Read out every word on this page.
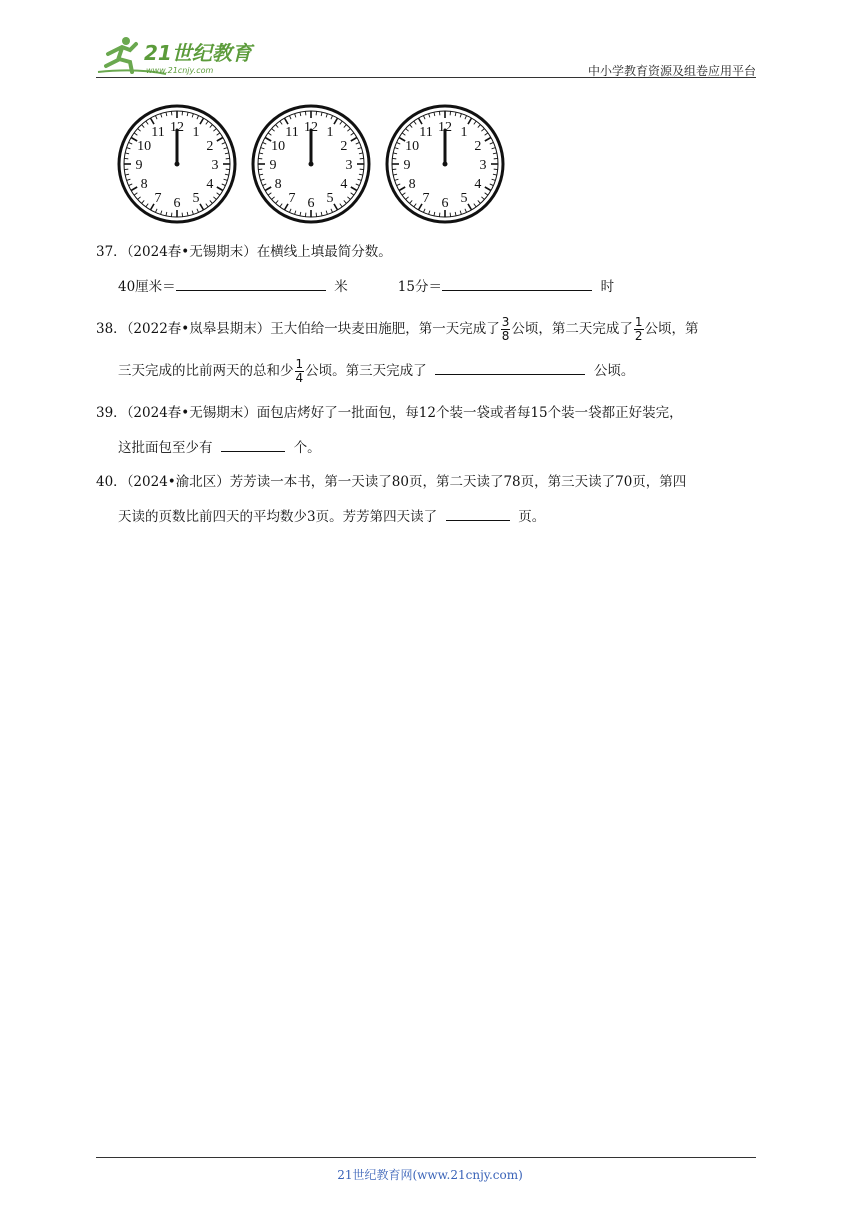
21世纪教育
www.21cnjy.com	中小学教育资源及组卷应用平台
12 1
2
3
4
5
6
7
8
9
10
11	12 1
2
3
4
5
6
7
8
9
10
11	12 1
2
3
4
5
6
7
8
9
10
11
37．（2024春•无锡期末）在横线上填最简分数。
40厘米＝	米	15分＝	时
38．（2022春•岚皋县期末）王大伯给一块麦田施肥，第一天完成了 $\frac{3}{8}$ 公顷，第二天完成了 $\frac{1}{2}$ 公顷，第
三天完成的比前两天的总和少 $\frac{1}{4}$ 公顷。第三天完成了	公顷。
39．（2024春•无锡期末）面包店烤好了一批面包，每12个装一袋或者每15个装一袋都正好装完，
这批面包至少有	个。
40．（2024•渝北区）芳芳读一本书，第一天读了80页，第二天读了78页，第三天读了70页，第四
天读的页数比前四天的平均数少3页。芳芳第四天读了	页。
21世纪教育网(www.21cnjy.com)
